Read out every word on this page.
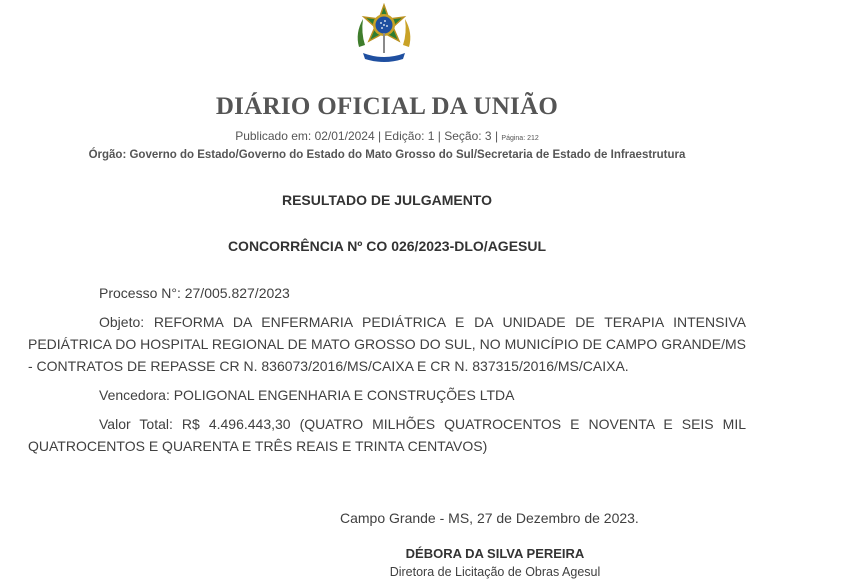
DIÁRIO OFICIAL DA UNIÃO
Publicado em: 02/01/2024 | Edição: 1 | Seção: 3 | Página: 212
Órgão: Governo do Estado/Governo do Estado do Mato Grosso do Sul/Secretaria de Estado de Infraestrutura
RESULTADO DE JULGAMENTO
CONCORRÊNCIA Nº CO 026/2023-DLO/AGESUL
Processo N°: 27/005.827/2023
Objeto: REFORMA DA ENFERMARIA PEDIÁTRICA E DA UNIDADE DE TERAPIA INTENSIVA PEDIÁTRICA DO HOSPITAL REGIONAL DE MATO GROSSO DO SUL, NO MUNICÍPIO DE CAMPO GRANDE/MS - CONTRATOS DE REPASSE CR N. 836073/2016/MS/CAIXA E CR N. 837315/2016/MS/CAIXA.
Vencedora: POLIGONAL ENGENHARIA E CONSTRUÇÕES LTDA
Valor Total: R$ 4.496.443,30 (QUATRO MILHÕES QUATROCENTOS E NOVENTA E SEIS MIL QUATROCENTOS E QUARENTA E TRÊS REAIS E TRINTA CENTAVOS)
Campo Grande - MS, 27 de Dezembro de 2023.
DÉBORA DA SILVA PEREIRA
Diretora de Licitação de Obras Agesul
